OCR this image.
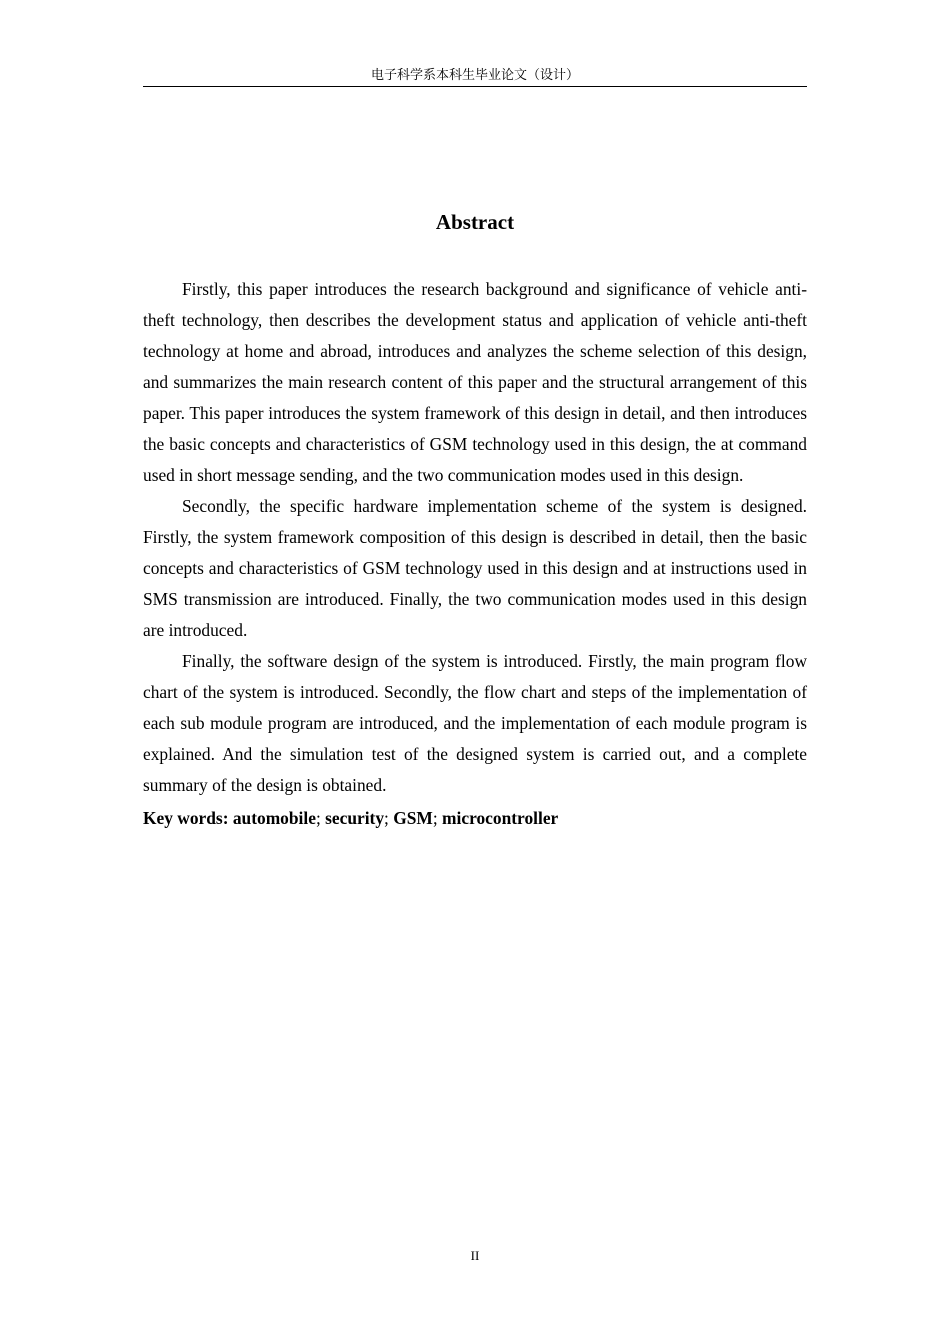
电子科学系本科生毕业论文（设计）
Abstract

Firstly, this paper introduces the research background and significance of vehicle anti-theft technology, then describes the development status and application of vehicle anti-theft technology at home and abroad, introduces and analyzes the scheme selection of this design, and summarizes the main research content of this paper and the structural arrangement of this paper. This paper introduces the system framework of this design in detail, and then introduces the basic concepts and characteristics of GSM technology used in this design, the at command used in short message sending, and the two communication modes used in this design.

Secondly, the specific hardware implementation scheme of the system is designed. Firstly, the system framework composition of this design is described in detail, then the basic concepts and characteristics of GSM technology used in this design and at instructions used in SMS transmission are introduced. Finally, the two communication modes used in this design are introduced.

Finally, the software design of the system is introduced. Firstly, the main program flow chart of the system is introduced. Secondly, the flow chart and steps of the implementation of each sub module program are introduced, and the implementation of each module program is explained. And the simulation test of the designed system is carried out, and a complete summary of the design is obtained.

Key words: automobile; security; GSM; microcontroller

II
